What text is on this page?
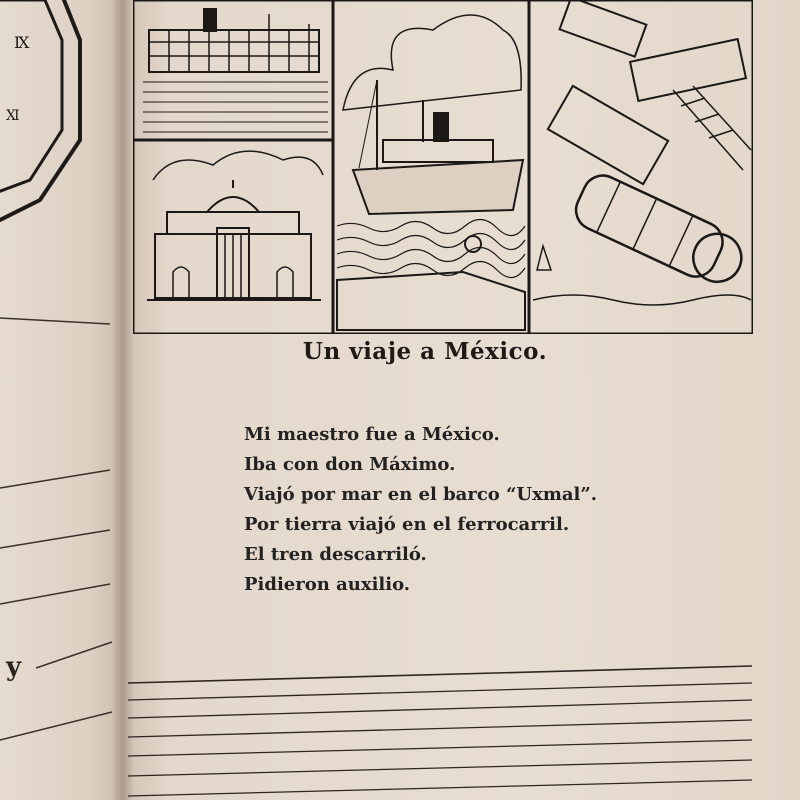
Ⅸ
Ⅺ
y
Un viaje a México.
Mi maestro fue a México.
Iba con don Máximo.
Viajó por mar en el barco “Uxmal”.
Por tierra viajó en el ferrocarril.
El tren descarriló.
Pidieron auxilio.
